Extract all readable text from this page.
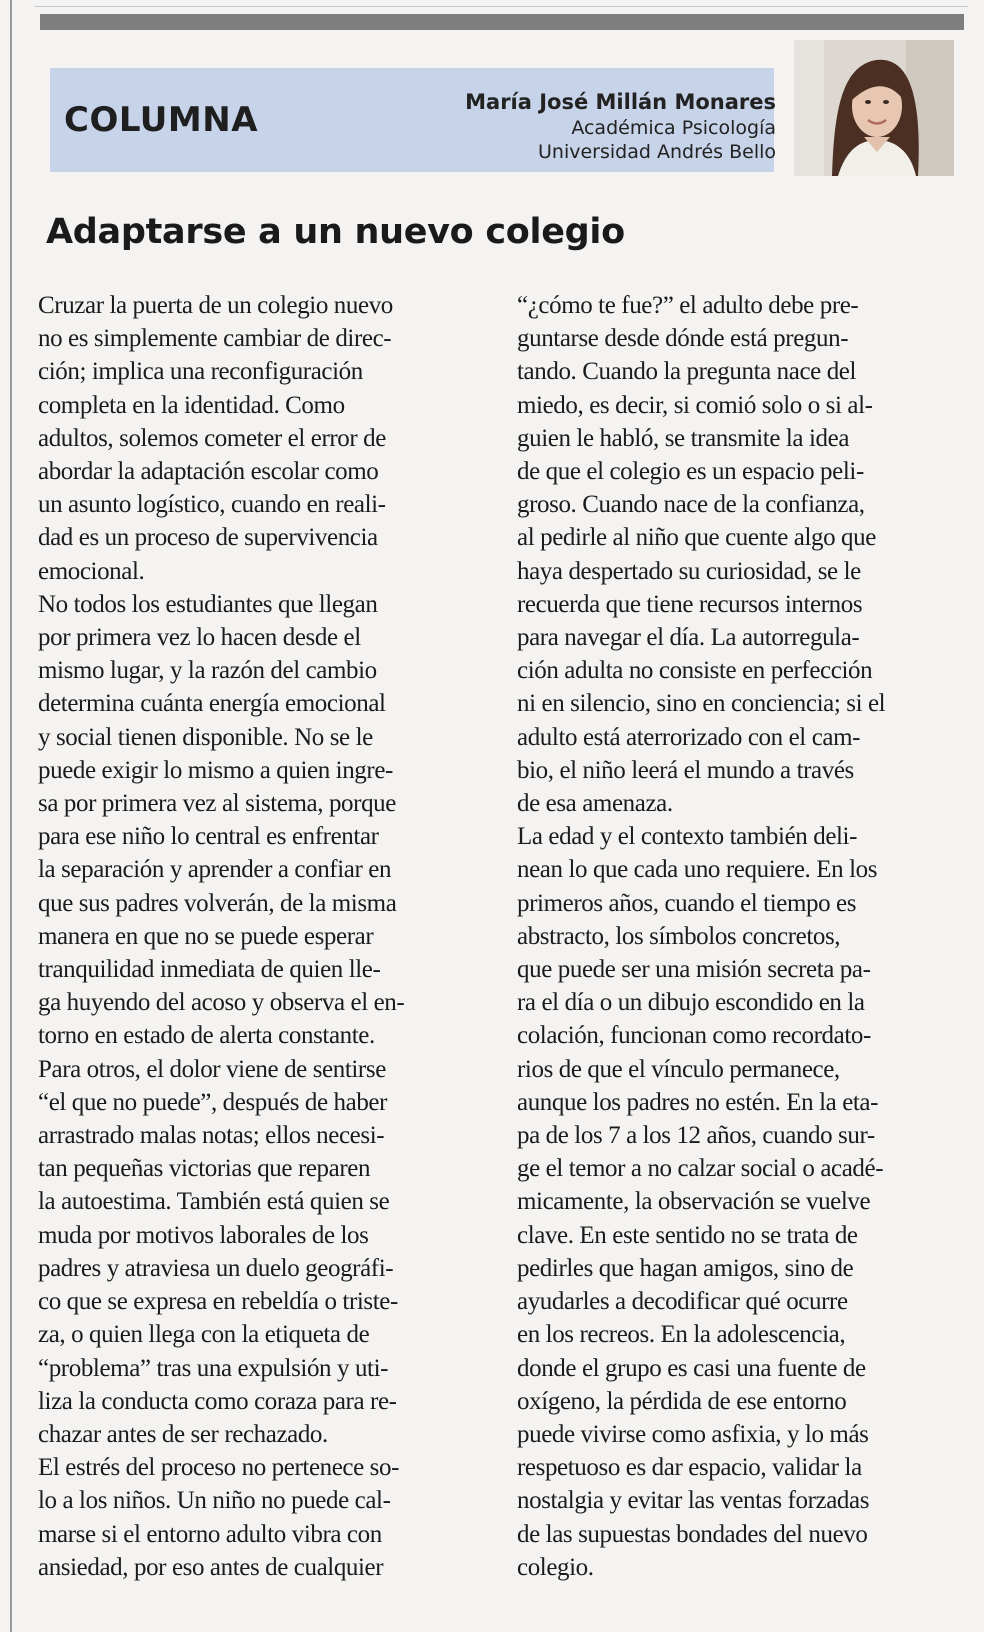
COLUMNA	María José Millán Monares
Académica Psicología
Universidad Andrés Bello
Adaptarse a un nuevo colegio
Cruzar la puerta de un colegio nuevo
no es simplemente cambiar de direc-
ción; implica una reconfiguración
completa en la identidad. Como
adultos, solemos cometer el error de
abordar la adaptación escolar como
un asunto logístico, cuando en reali-
dad es un proceso de supervivencia
emocional.
No todos los estudiantes que llegan
por primera vez lo hacen desde el
mismo lugar, y la razón del cambio
determina cuánta energía emocional
y social tienen disponible. No se le
puede exigir lo mismo a quien ingre-
sa por primera vez al sistema, porque
para ese niño lo central es enfrentar
la separación y aprender a confiar en
que sus padres volverán, de la misma
manera en que no se puede esperar
tranquilidad inmediata de quien lle-
ga huyendo del acoso y observa el en-
torno en estado de alerta constante.
Para otros, el dolor viene de sentirse
“el que no puede”, después de haber
arrastrado malas notas; ellos necesi-
tan pequeñas victorias que reparen
la autoestima. También está quien se
muda por motivos laborales de los
padres y atraviesa un duelo geográfi-
co que se expresa en rebeldía o triste-
za, o quien llega con la etiqueta de
“problema” tras una expulsión y uti-
liza la conducta como coraza para re-
chazar antes de ser rechazado.
El estrés del proceso no pertenece so-
lo a los niños. Un niño no puede cal-
marse si el entorno adulto vibra con
ansiedad, por eso antes de cualquier
“¿cómo te fue?” el adulto debe pre-
guntarse desde dónde está pregun-
tando. Cuando la pregunta nace del
miedo, es decir, si comió solo o si al-
guien le habló, se transmite la idea
de que el colegio es un espacio peli-
groso. Cuando nace de la confianza,
al pedirle al niño que cuente algo que
haya despertado su curiosidad, se le
recuerda que tiene recursos internos
para navegar el día. La autorregula-
ción adulta no consiste en perfección
ni en silencio, sino en conciencia; si el
adulto está aterrorizado con el cam-
bio, el niño leerá el mundo a través
de esa amenaza.
La edad y el contexto también deli-
nean lo que cada uno requiere. En los
primeros años, cuando el tiempo es
abstracto, los símbolos concretos,
que puede ser una misión secreta pa-
ra el día o un dibujo escondido en la
colación, funcionan como recordato-
rios de que el vínculo permanece,
aunque los padres no estén. En la eta-
pa de los 7 a los 12 años, cuando sur-
ge el temor a no calzar social o acadé-
micamente, la observación se vuelve
clave. En este sentido no se trata de
pedirles que hagan amigos, sino de
ayudarles a decodificar qué ocurre
en los recreos. En la adolescencia,
donde el grupo es casi una fuente de
oxígeno, la pérdida de ese entorno
puede vivirse como asfixia, y lo más
respetuoso es dar espacio, validar la
nostalgia y evitar las ventas forzadas
de las supuestas bondades del nuevo
colegio.
